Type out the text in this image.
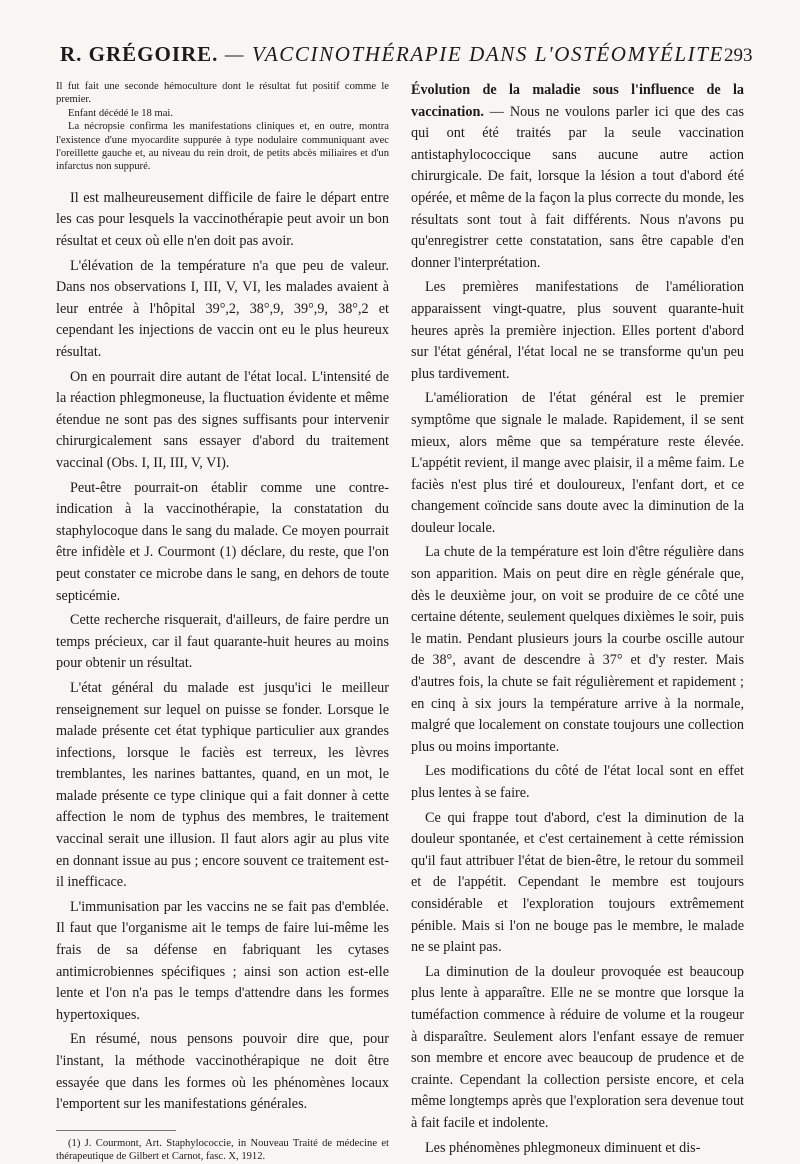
R. GRÉGOIRE. — VACCINOTHÉRAPIE DANS L'OSTÉOMYÉLITE 293

Il fut fait une seconde hémoculture dont le résultat fut positif comme le premier.

Enfant décédé le 18 mai.

La nécropsie confirma les manifestations cliniques et, en outre, montra l'existence d'une myocardite suppurée à type nodulaire communiquant avec l'oreillette gauche et, au niveau du rein droit, de petits abcès miliaires et d'un infarctus non suppuré.

Il est malheureusement difficile de faire le départ entre les cas pour lesquels la vaccinothérapie peut avoir un bon résultat et ceux où elle n'en doit pas avoir.

L'élévation de la température n'a que peu de valeur. Dans nos observations I, III, V, VI, les malades avaient à leur entrée à l'hôpital 39°,2, 38°,9, 39°,9, 38°,2 et cependant les injections de vaccin ont eu le plus heureux résultat.

On en pourrait dire autant de l'état local. L'intensité de la réaction phlegmoneuse, la fluctuation évidente et même étendue ne sont pas des signes suffisants pour intervenir chirurgicalement sans essayer d'abord du traitement vaccinal (Obs. I, II, III, V, VI).

Peut-être pourrait-on établir comme une contre-indication à la vaccinothérapie, la constatation du staphylocoque dans le sang du malade. Ce moyen pourrait être infidèle et J. Courmont (1) déclare, du reste, que l'on peut constater ce microbe dans le sang, en dehors de toute septicémie.

Cette recherche risquerait, d'ailleurs, de faire perdre un temps précieux, car il faut quarante-huit heures au moins pour obtenir un résultat.

L'état général du malade est jusqu'ici le meilleur renseignement sur lequel on puisse se fonder. Lorsque le malade présente cet état typhique particulier aux grandes infections, lorsque le faciès est terreux, les lèvres tremblantes, les narines battantes, quand, en un mot, le malade présente ce type clinique qui a fait donner à cette affection le nom de typhus des membres, le traitement vaccinal serait une illusion. Il faut alors agir au plus vite en donnant issue au pus ; encore souvent ce traitement est-il inefficace.

L'immunisation par les vaccins ne se fait pas d'emblée. Il faut que l'organisme ait le temps de faire lui-même les frais de sa défense en fabriquant les cytases antimicrobiennes spécifiques ; ainsi son action est-elle lente et l'on n'a pas le temps d'attendre dans les formes hypertoxiques.

En résumé, nous pensons pouvoir dire que, pour l'instant, la méthode vaccinothérapique ne doit être essayée que dans les formes où les phénomènes locaux l'emportent sur les manifestations générales.

(1) J. Courmont, Art. Staphylococcie, in Nouveau Traité de médecine et thérapeutique de Gilbert et Carnot, fasc. X, 1912.

Évolution de la maladie sous l'influence de la vaccination. — Nous ne voulons parler ici que des cas qui ont été traités par la seule vaccination antistaphylococcique sans aucune autre action chirurgicale. De fait, lorsque la lésion a tout d'abord été opérée, et même de la façon la plus correcte du monde, les résultats sont tout à fait différents. Nous n'avons pu qu'enregistrer cette constatation, sans être capable d'en donner l'interprétation.

Les premières manifestations de l'amélioration apparaissent vingt-quatre, plus souvent quarante-huit heures après la première injection. Elles portent d'abord sur l'état général, l'état local ne se transforme qu'un peu plus tardivement.

L'amélioration de l'état général est le premier symptôme que signale le malade. Rapidement, il se sent mieux, alors même que sa température reste élevée. L'appétit revient, il mange avec plaisir, il a même faim. Le faciès n'est plus tiré et douloureux, l'enfant dort, et ce changement coïncide sans doute avec la diminution de la douleur locale.

La chute de la température est loin d'être régulière dans son apparition. Mais on peut dire en règle générale que, dès le deuxième jour, on voit se produire de ce côté une certaine détente, seulement quelques dixièmes le soir, puis le matin. Pendant plusieurs jours la courbe oscille autour de 38°, avant de descendre à 37° et d'y rester. Mais d'autres fois, la chute se fait régulièrement et rapidement ; en cinq à six jours la température arrive à la normale, malgré que localement on constate toujours une collection plus ou moins importante.

Les modifications du côté de l'état local sont en effet plus lentes à se faire.

Ce qui frappe tout d'abord, c'est la diminution de la douleur spontanée, et c'est certainement à cette rémission qu'il faut attribuer l'état de bien-être, le retour du sommeil et de l'appétit. Cependant le membre est toujours considérable et l'exploration toujours extrêmement pénible. Mais si l'on ne bouge pas le membre, le malade ne se plaint pas.

La diminution de la douleur provoquée est beaucoup plus lente à apparaître. Elle ne se montre que lorsque la tuméfaction commence à réduire de volume et la rougeur à disparaître. Seulement alors l'enfant essaye de remuer son membre et encore avec beaucoup de prudence et de crainte. Cependant la collection persiste encore, et cela même longtemps après que l'exploration sera devenue tout à fait facile et indolente.

Les phénomènes phlegmoneux diminuent et dis-
